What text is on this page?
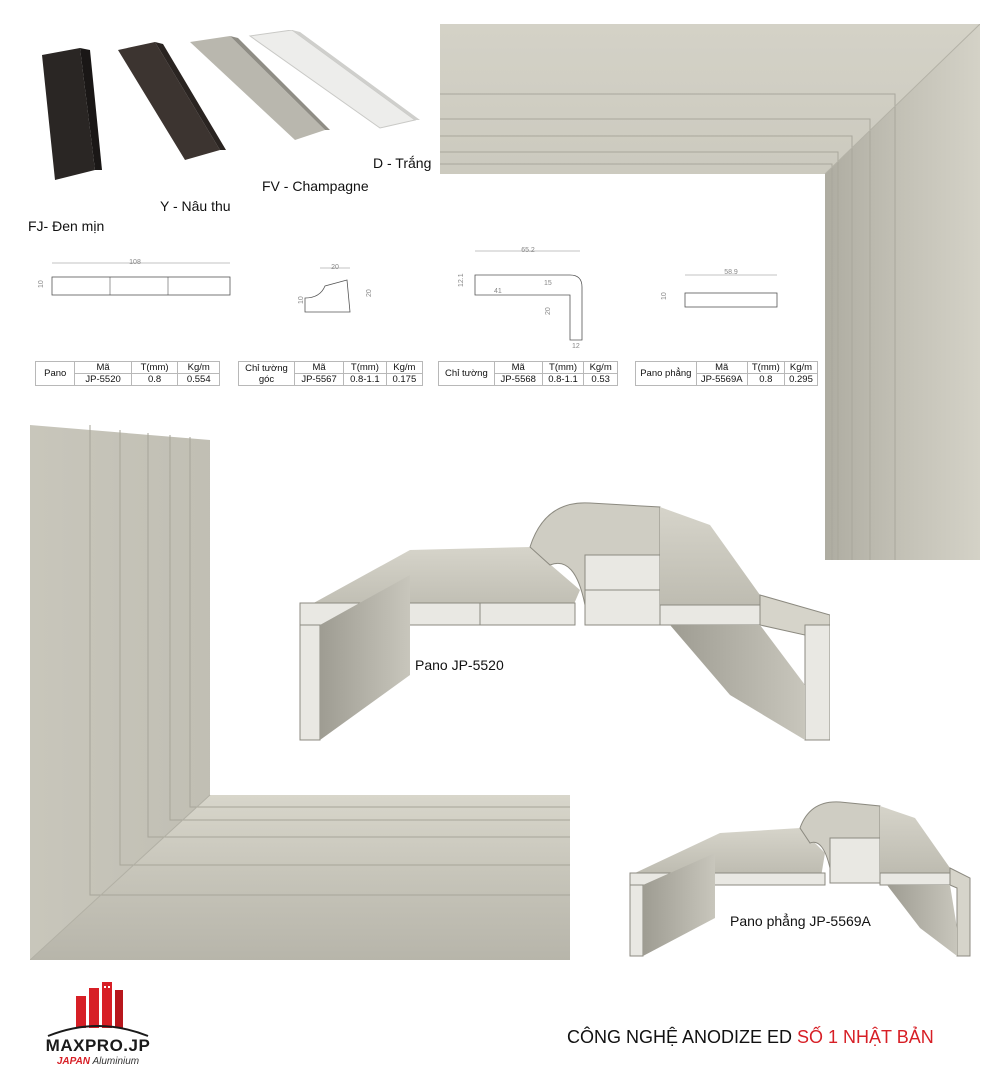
FJ- Đen mịn
Y - Nâu thu
FV - Champagne
D - Trắng
108
10
20
10
20
65.2
12.1
41
15
20
12
58.9
10
Pano	Mã	T(mm)	Kg/m
	JP-5520	0.8	0.554
Chỉ tường góc	Mã	T(mm)	Kg/m
	JP-5567	0.8-1.1	0.175
Chỉ tường	Mã	T(mm)	Kg/m
	JP-5568	0.8-1.1	0.53
Pano phẳng	Mã	T(mm)	Kg/m
	JP-5569A	0.8	0.295
Pano JP-5520
Pano phẳng JP-5569A
MAXPRO.JP
JAPAN Aluminium
CÔNG NGHỆ ANODIZE ED SỐ 1 NHẬT BẢN
